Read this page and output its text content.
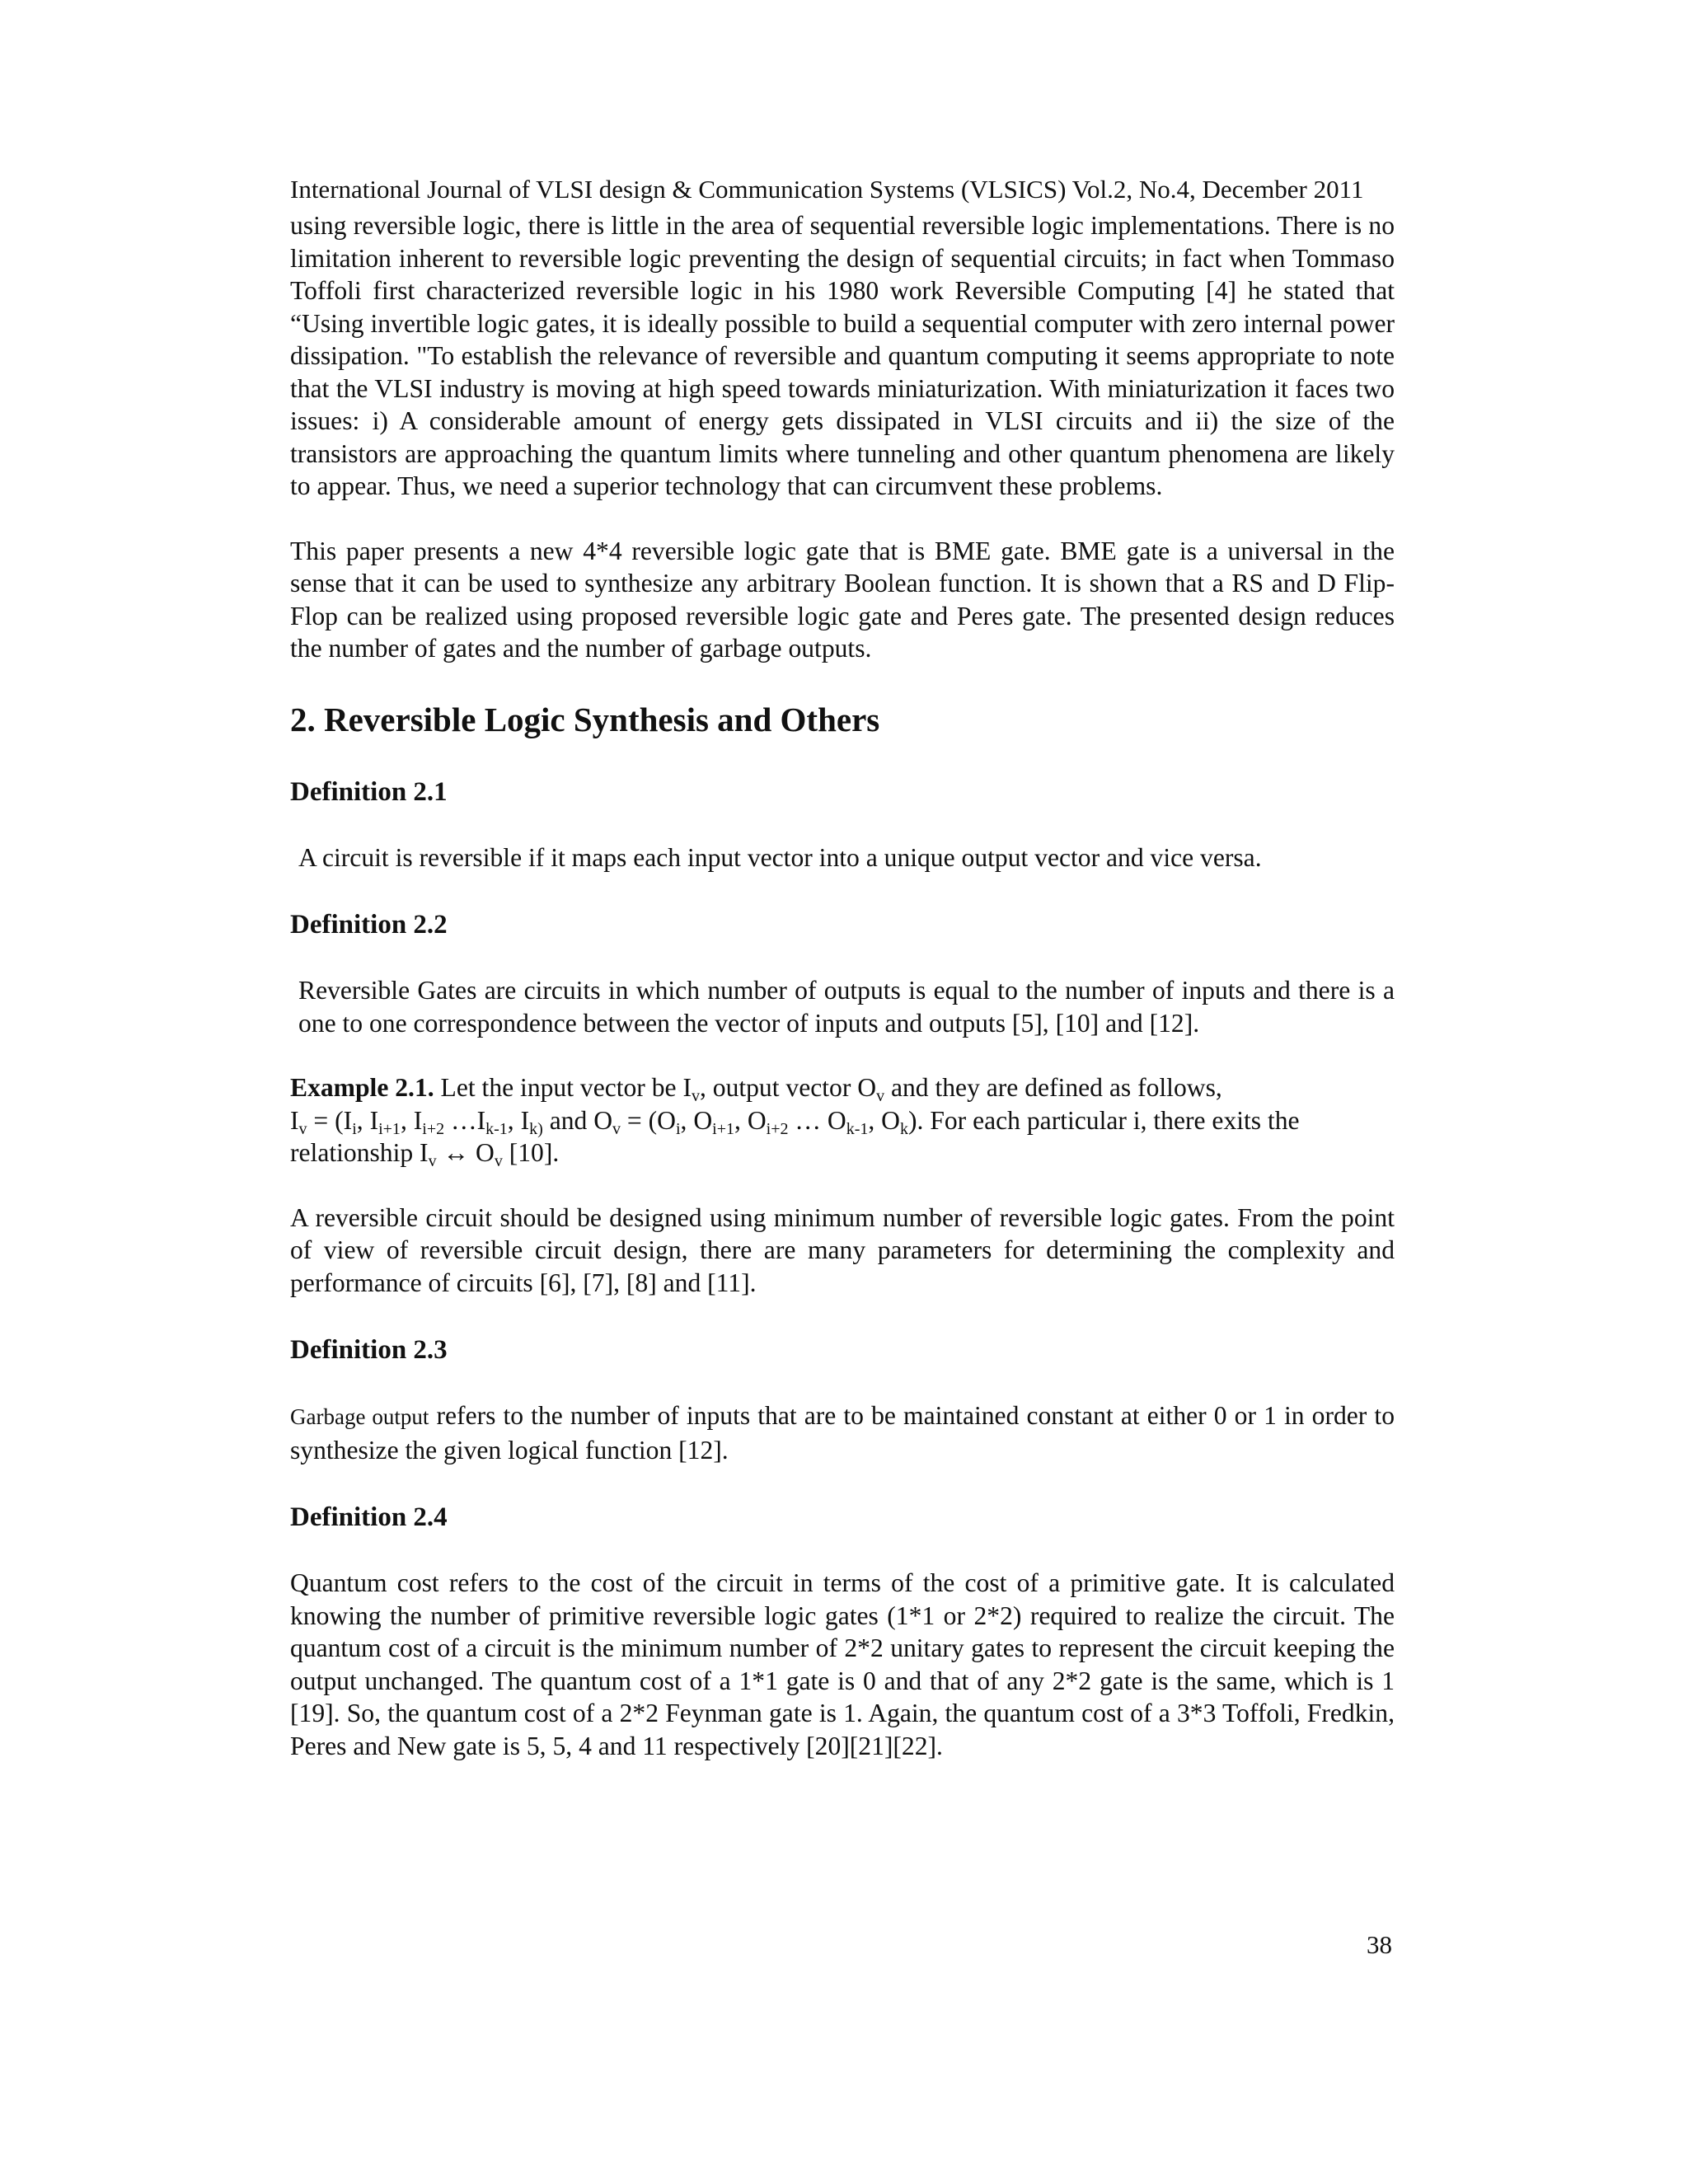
International Journal of VLSI design & Communication Systems (VLSICS) Vol.2, No.4, December 2011

using reversible logic, there is little in the area of sequential reversible logic implementations. There is no limitation inherent to reversible logic preventing the design of sequential circuits; in fact when Tommaso Toffoli first characterized reversible logic in his 1980 work Reversible Computing [4] he stated that “Using invertible logic gates, it is ideally possible to build a sequential computer with zero internal power dissipation. "To establish the relevance of reversible and quantum computing it seems appropriate to note that the VLSI industry is moving at high speed towards miniaturization. With miniaturization it faces two issues: i) A considerable amount of energy gets dissipated in VLSI circuits and ii) the size of the transistors are approaching the quantum limits where tunneling and other quantum phenomena are likely to appear. Thus, we need a superior technology that can circumvent these problems.

This paper presents a new 4*4 reversible logic gate that is BME gate. BME gate is a universal in the sense that it can be used to synthesize any arbitrary Boolean function. It is shown that a RS and D Flip-Flop can be realized using proposed reversible logic gate and Peres gate. The presented design reduces the number of gates and the number of garbage outputs.

2. Reversible Logic Synthesis and Others
Definition 2.1

A circuit is reversible if it maps each input vector into a unique output vector and vice versa.

Definition 2.2

Reversible Gates are circuits in which number of outputs is equal to the number of inputs and there is a one to one correspondence between the vector of inputs and outputs [5], [10] and [12].

Example 2.1. Let the input vector be $I_v$, output vector $O_v$ and they are defined as follows,
$I_v = (I_i$, $I_{i+1}$, $I_{i+2}$ $\dots I_{k-1}$, $I_{k)}$ and $O_v = (O_i$, $O_{i+1}$, $O_{i+2}$ … $O_{k-1}$, $O_k$). For each particular i, there exits the
relationship $I_v$ ↔ $O_v$ [10].

A reversible circuit should be designed using minimum number of reversible logic gates. From the point of view of reversible circuit design, there are many parameters for determining the complexity and performance of circuits [6], [7], [8] and [11].

Definition 2.3

Garbage output refers to the number of inputs that are to be maintained constant at either 0 or 1 in order to synthesize the given logical function [12].

Definition 2.4

Quantum cost refers to the cost of the circuit in terms of the cost of a primitive gate. It is calculated knowing the number of primitive reversible logic gates (1*1 or 2*2) required to realize the circuit. The quantum cost of a circuit is the minimum number of 2*2 unitary gates to represent the circuit keeping the output unchanged. The quantum cost of a 1*1 gate is 0 and that of any 2*2 gate is the same, which is 1 [19]. So, the quantum cost of a 2*2 Feynman gate is 1. Again, the quantum cost of a 3*3 Toffoli, Fredkin, Peres and New gate is 5, 5, 4 and 11 respectively [20][21][22].

38
